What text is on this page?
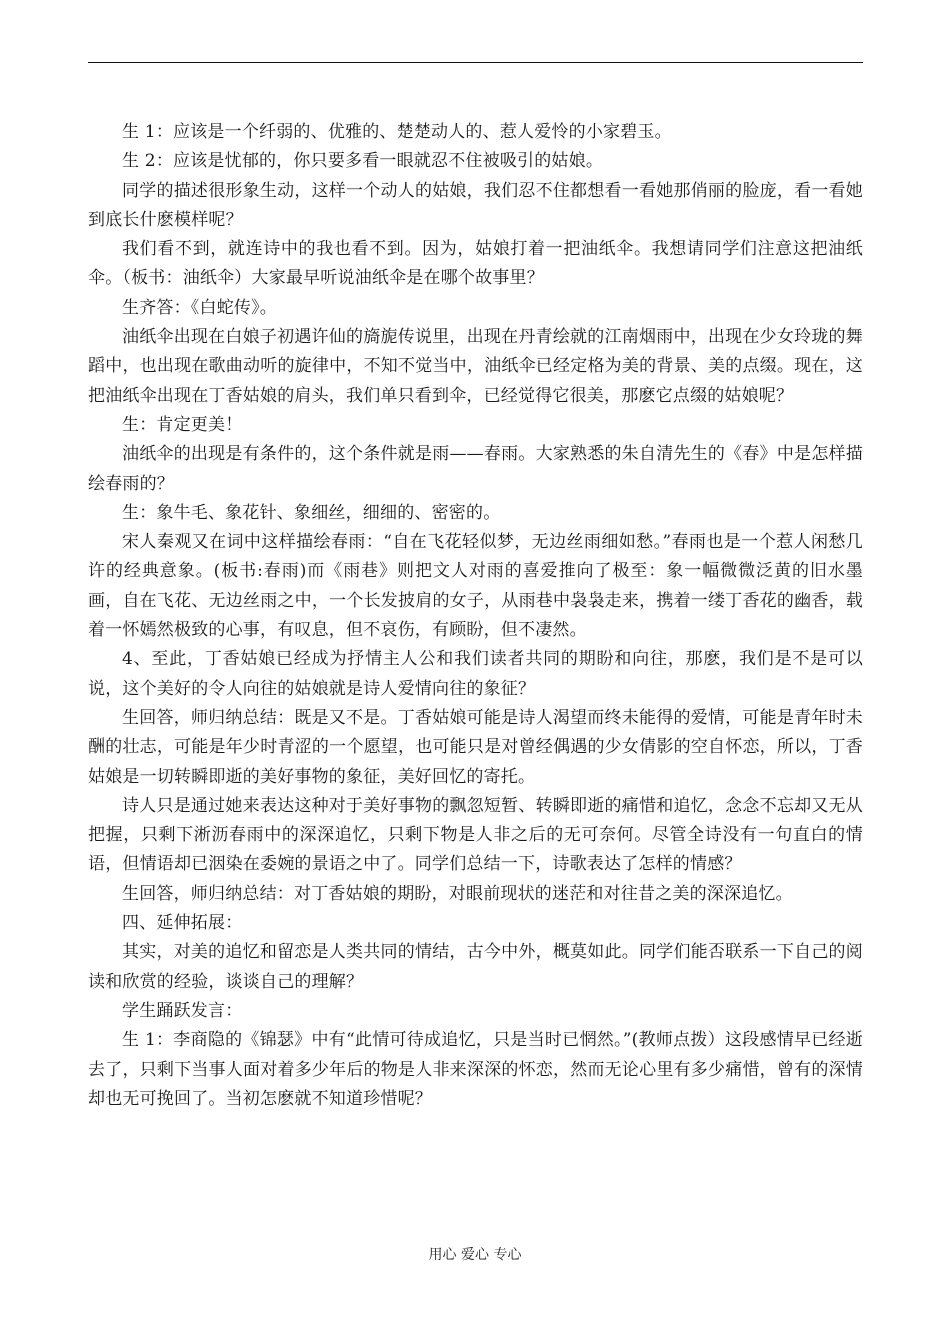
生 1：应该是一个纤弱的、优雅的、楚楚动人的、惹人爱怜的小家碧玉。

生 2：应该是忧郁的，你只要多看一眼就忍不住被吸引的姑娘。

同学的描述很形象生动，这样一个动人的姑娘，我们忍不住都想看一看她那俏丽的脸庞，看一看她到底长什麽模样呢？

我们看不到，就连诗中的我也看不到。因为，姑娘打着一把油纸伞。我想请同学们注意这把油纸伞。（板书：油纸伞）大家最早听说油纸伞是在哪个故事里？

生齐答：《白蛇传》。

油纸伞出现在白娘子初遇许仙的旖旎传说里，出现在丹青绘就的江南烟雨中，出现在少女玲珑的舞蹈中，也出现在歌曲动听的旋律中，不知不觉当中，油纸伞已经定格为美的背景、美的点缀。现在，这把油纸伞出现在丁香姑娘的肩头，我们单只看到伞，已经觉得它很美，那麽它点缀的姑娘呢？

生：肯定更美！

油纸伞的出现是有条件的，这个条件就是雨——春雨。大家熟悉的朱自清先生的《春》中是怎样描绘春雨的？

生：象牛毛、象花针、象细丝，细细的、密密的。

宋人秦观又在词中这样描绘春雨：“自在飞花轻似梦，无边丝雨细如愁。”春雨也是一个惹人闲愁几许的经典意象。(板书:春雨)而《雨巷》则把文人对雨的喜爱推向了极至：象一幅微微泛黄的旧水墨画，自在飞花、无边丝雨之中，一个长发披肩的女子，从雨巷中袅袅走来，携着一缕丁香花的幽香，载着一怀嫣然极致的心事，有叹息，但不哀伤，有顾盼，但不凄然。

4、至此，丁香姑娘已经成为抒情主人公和我们读者共同的期盼和向往，那麽，我们是不是可以说，这个美好的令人向往的姑娘就是诗人爱情向往的象征？

生回答，师归纳总结：既是又不是。丁香姑娘可能是诗人渴望而终未能得的爱情，可能是青年时未酬的壮志，可能是年少时青涩的一个愿望，也可能只是对曾经偶遇的少女倩影的空自怀恋，所以，丁香姑娘是一切转瞬即逝的美好事物的象征，美好回忆的寄托。

诗人只是通过她来表达这种对于美好事物的飘忽短暂、转瞬即逝的痛惜和追忆，念念不忘却又无从把握，只剩下淅沥春雨中的深深追忆，只剩下物是人非之后的无可奈何。尽管全诗没有一句直白的情语，但情语却已洇染在委婉的景语之中了。同学们总结一下，诗歌表达了怎样的情感？

生回答，师归纳总结：对丁香姑娘的期盼，对眼前现状的迷茫和对往昔之美的深深追忆。

四、延伸拓展：

其实，对美的追忆和留恋是人类共同的情结，古今中外，概莫如此。同学们能否联系一下自己的阅读和欣赏的经验，谈谈自己的理解？

学生踊跃发言：

生 1：李商隐的《锦瑟》中有“此情可待成追忆，只是当时已惘然。”(教师点拨）这段感情早已经逝去了，只剩下当事人面对着多少年后的物是人非来深深的怀恋，然而无论心里有多少痛惜，曾有的深情却也无可挽回了。当初怎麽就不知道珍惜呢？

用心 爱心 专心
